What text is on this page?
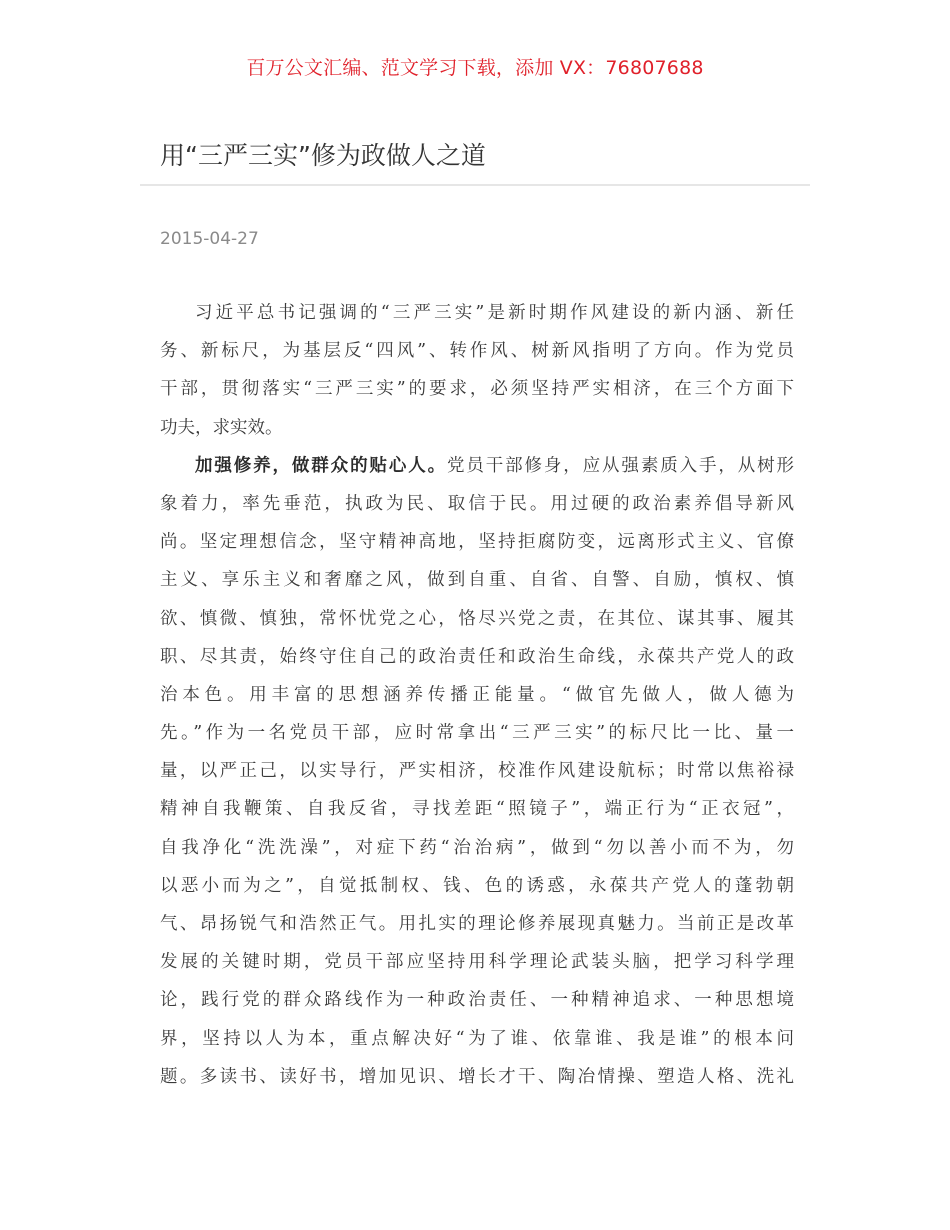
百万公文汇编、范文学习下载，添加 VX：76807688
用“三严三实”修为政做人之道
2015-04-27
习近平总书记强调的“三严三实”是新时期作风建设的新内涵、新任
务、新标尺，为基层反“四风”、转作风、树新风指明了方向。作为党员
干部，贯彻落实“三严三实”的要求，必须坚持严实相济，在三个方面下
功夫，求实效。
加强修养，做群众的贴心人。党员干部修身，应从强素质入手，从树形
象着力，率先垂范，执政为民、取信于民。用过硬的政治素养倡导新风
尚。坚定理想信念，坚守精神高地，坚持拒腐防变，远离形式主义、官僚
主义、享乐主义和奢靡之风，做到自重、自省、自警、自励，慎权、慎
欲、慎微、慎独，常怀忧党之心，恪尽兴党之责，在其位、谋其事、履其
职、尽其责，始终守住自己的政治责任和政治生命线，永葆共产党人的政
治本色。用丰富的思想涵养传播正能量。“做官先做人，做人德为
先。”作为一名党员干部，应时常拿出“三严三实”的标尺比一比、量一
量，以严正己，以实导行，严实相济，校准作风建设航标；时常以焦裕禄
精神自我鞭策、自我反省，寻找差距“照镜子”，端正行为“正衣冠”，
自我净化“洗洗澡”，对症下药“治治病”，做到“勿以善小而不为，勿
以恶小而为之”，自觉抵制权、钱、色的诱惑，永葆共产党人的蓬勃朝
气、昂扬锐气和浩然正气。用扎实的理论修养展现真魅力。当前正是改革
发展的关键时期，党员干部应坚持用科学理论武装头脑，把学习科学理
论，践行党的群众路线作为一种政治责任、一种精神追求、一种思想境
界，坚持以人为本，重点解决好“为了谁、依靠谁、我是谁”的根本问
题。多读书、读好书，增加见识、增长才干、陶冶情操、塑造人格、洗礼
